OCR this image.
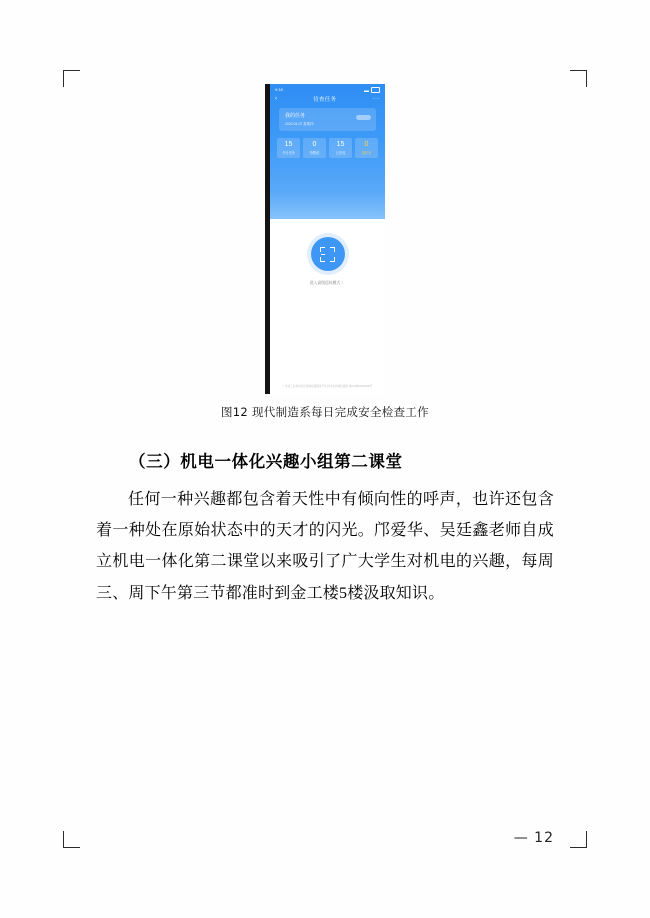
9:18
‹	待查任务	···
我的任务
2022-04-07 星期四
15
今日任务
0
待整改
15
已完成
0
超时未
进入高级巡检模式 〉
广东省工业和信息化智能检测服务平台 技术支持单位提供 粤ICP备00000000号
图12 现代制造系每日完成安全检查工作
（三）机电一体化兴趣小组第二课堂

任何一种兴趣都包含着天性中有倾向性的呼声，也许还包含着一种处在原始状态中的天才的闪光。邝爱华、吴廷鑫老师自成立机电一体化第二课堂以来吸引了广大学生对机电的兴趣，每周三、周下午第三节都准时到金工楼5楼汲取知识。

— 12
